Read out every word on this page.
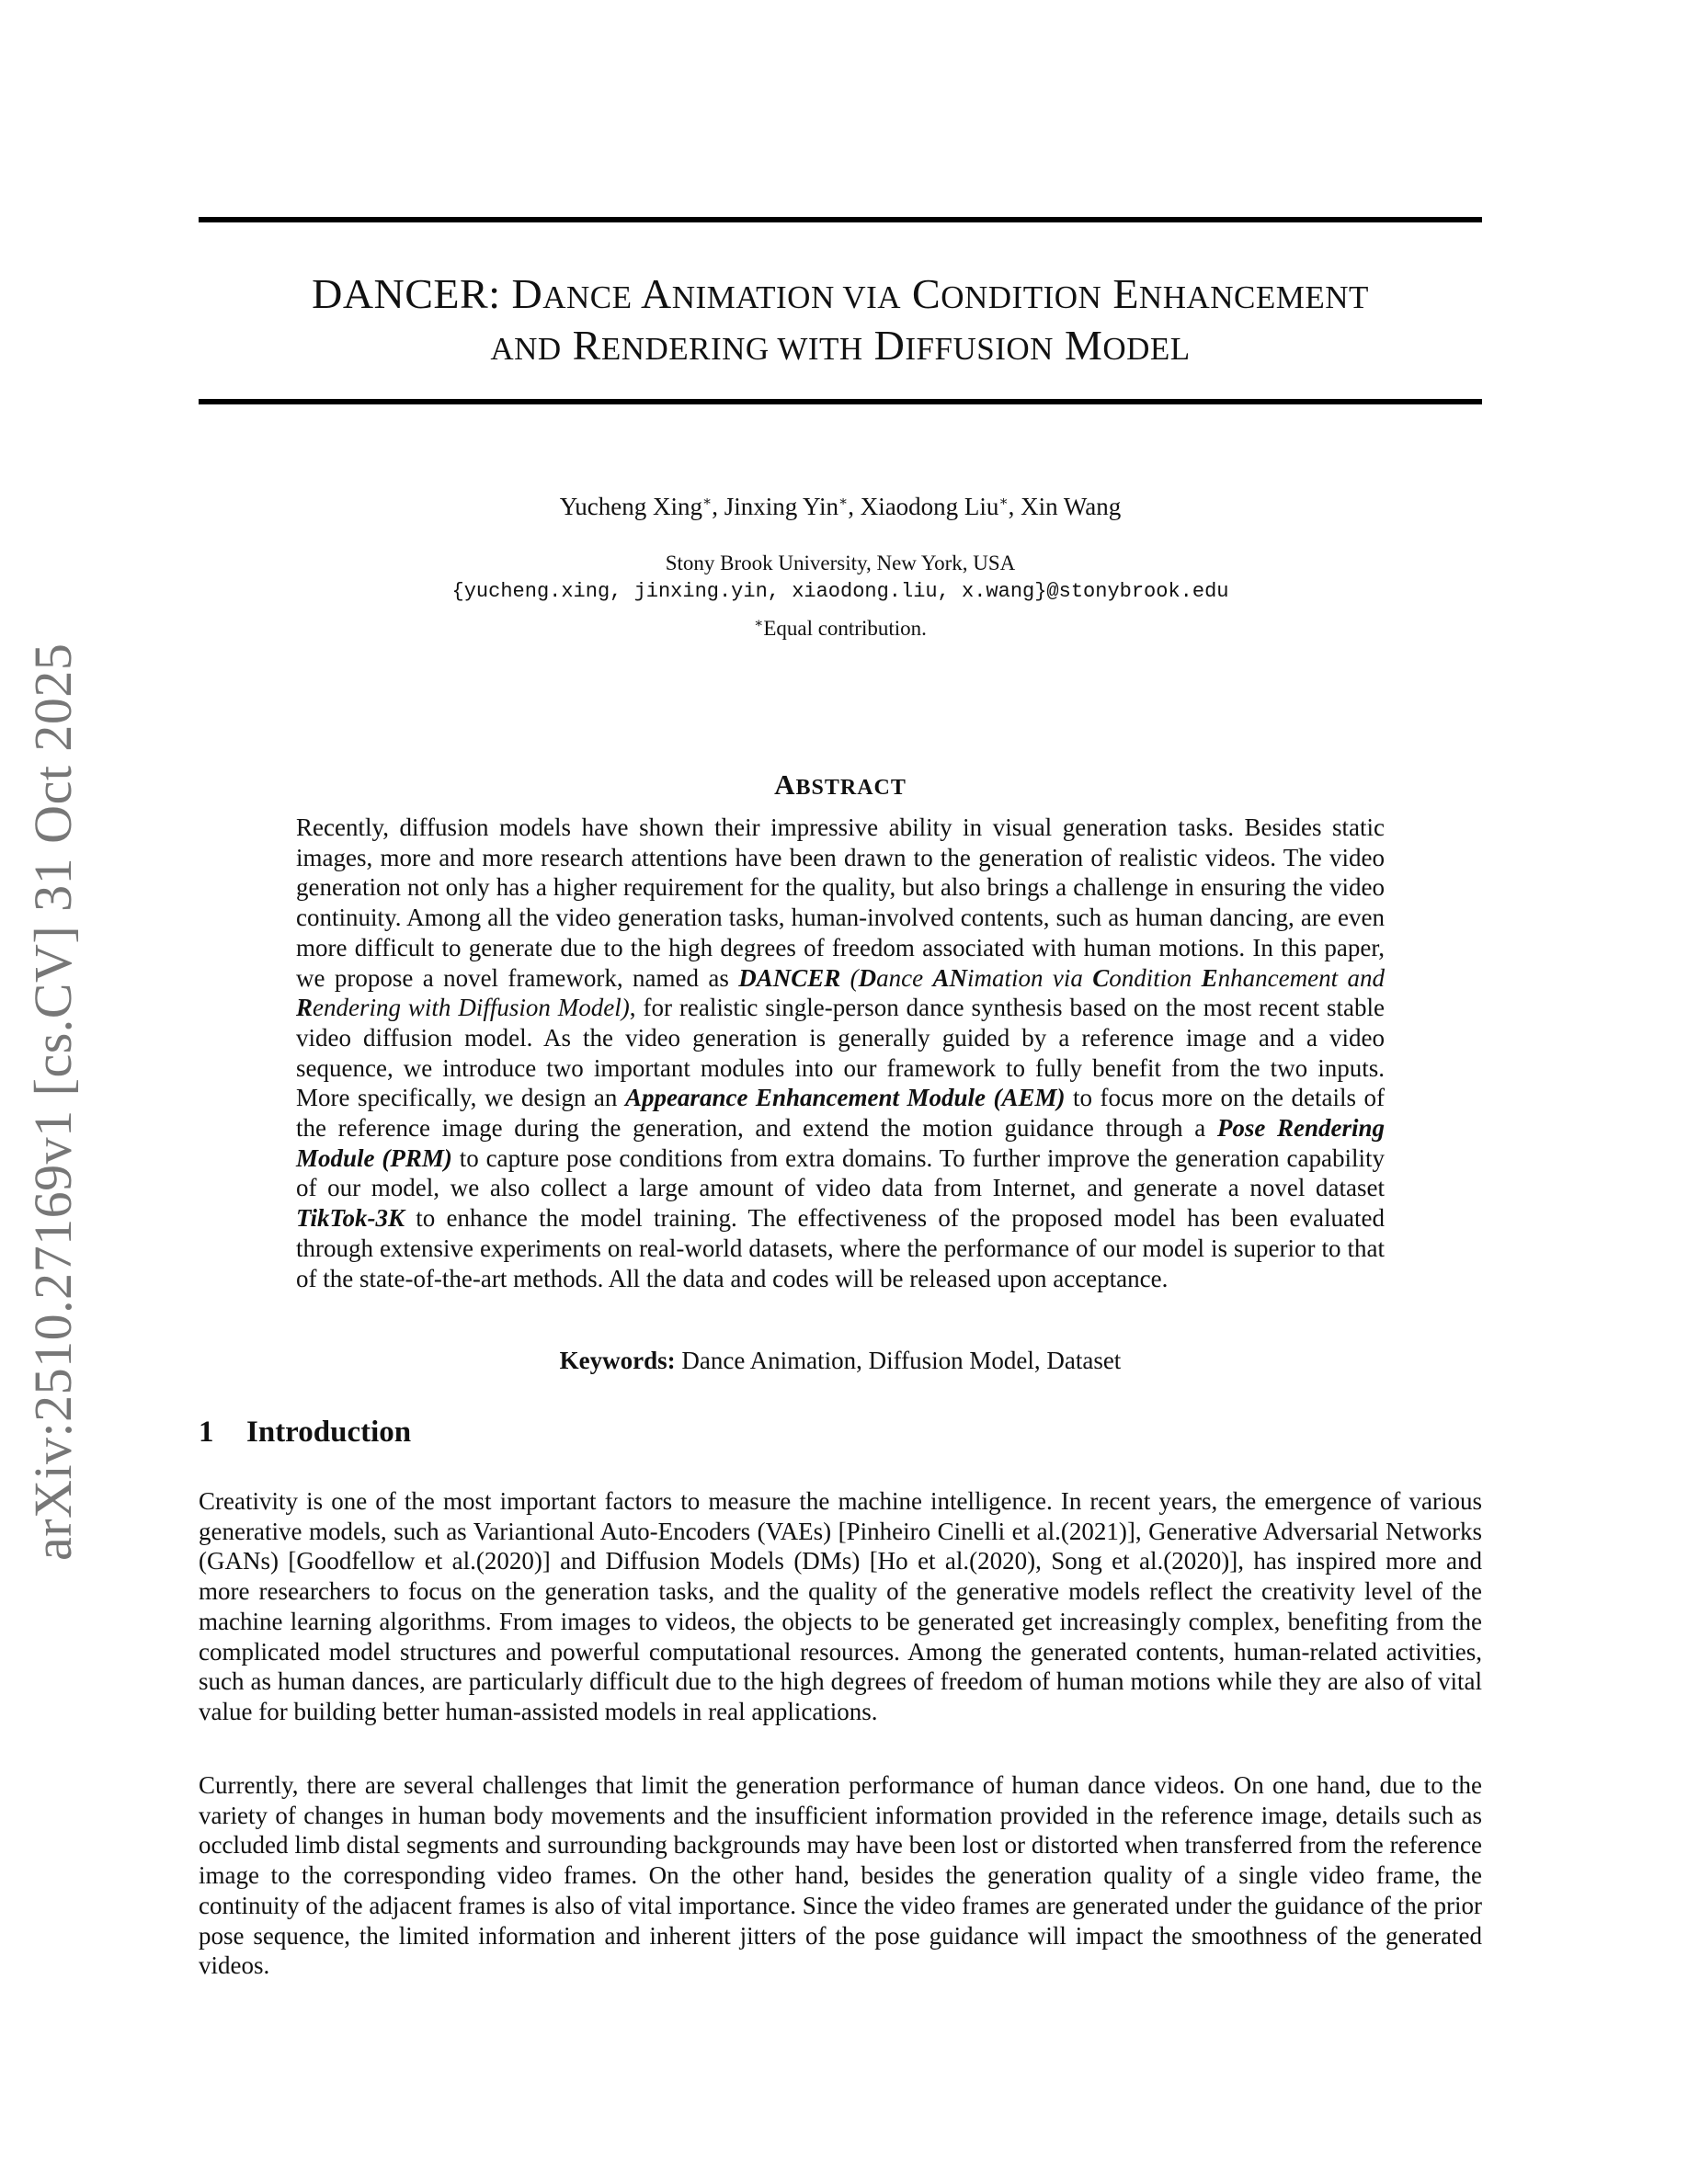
arXiv:2510.27169v1 [cs.CV] 31 Oct 2025
DANCER: DANCE ANIMATION VIA CONDITION ENHANCEMENT
AND RENDERING WITH DIFFUSION MODEL
Yucheng Xing∗, Jinxing Yin∗, Xiaodong Liu∗, Xin Wang
Stony Brook University, New York, USA
{yucheng.xing, jinxing.yin, xiaodong.liu, x.wang}@stonybrook.edu
∗Equal contribution.
ABSTRACT
Recently, diffusion models have shown their impressive ability in visual generation tasks. Besides static images, more and more research attentions have been drawn to the generation of realistic videos. The video generation not only has a higher requirement for the quality, but also brings a challenge in ensuring the video continuity. Among all the video generation tasks, human-involved contents, such as human dancing, are even more difficult to generate due to the high degrees of freedom associated with human motions. In this paper, we propose a novel framework, named as DANCER (Dance ANimation via Condition Enhancement and Rendering with Diffusion Model), for realistic single-person dance synthesis based on the most recent stable video diffusion model. As the video generation is generally guided by a reference image and a video sequence, we introduce two important modules into our framework to fully benefit from the two inputs. More specifically, we design an Appearance Enhancement Module (AEM) to focus more on the details of the reference image during the generation, and extend the motion guidance through a Pose Rendering Module (PRM) to capture pose conditions from extra domains. To further improve the generation capability of our model, we also collect a large amount of video data from Internet, and generate a novel dataset TikTok-3K to enhance the model training. The effectiveness of the proposed model has been evaluated through extensive experiments on real-world datasets, where the performance of our model is superior to that of the state-of-the-art methods. All the data and codes will be released upon acceptance.
Keywords: Dance Animation, Diffusion Model, Dataset
1 Introduction
Creativity is one of the most important factors to measure the machine intelligence. In recent years, the emergence of various generative models, such as Variantional Auto-Encoders (VAEs) [Pinheiro Cinelli et al.(2021)], Generative Adversarial Networks (GANs) [Goodfellow et al.(2020)] and Diffusion Models (DMs) [Ho et al.(2020), Song et al.(2020)], has inspired more and more researchers to focus on the generation tasks, and the quality of the generative models reflect the creativity level of the machine learning algorithms. From images to videos, the objects to be generated get increasingly complex, benefiting from the complicated model structures and powerful computational resources. Among the generated contents, human-related activities, such as human dances, are particularly difficult due to the high degrees of freedom of human motions while they are also of vital value for building better human-assisted models in real applications.
Currently, there are several challenges that limit the generation performance of human dance videos. On one hand, due to the variety of changes in human body movements and the insufficient information provided in the reference image, details such as occluded limb distal segments and surrounding backgrounds may have been lost or distorted when transferred from the reference image to the corresponding video frames. On the other hand, besides the generation quality of a single video frame, the continuity of the adjacent frames is also of vital importance. Since the video frames are generated under the guidance of the prior pose sequence, the limited information and inherent jitters of the pose guidance will impact the smoothness of the generated videos.
